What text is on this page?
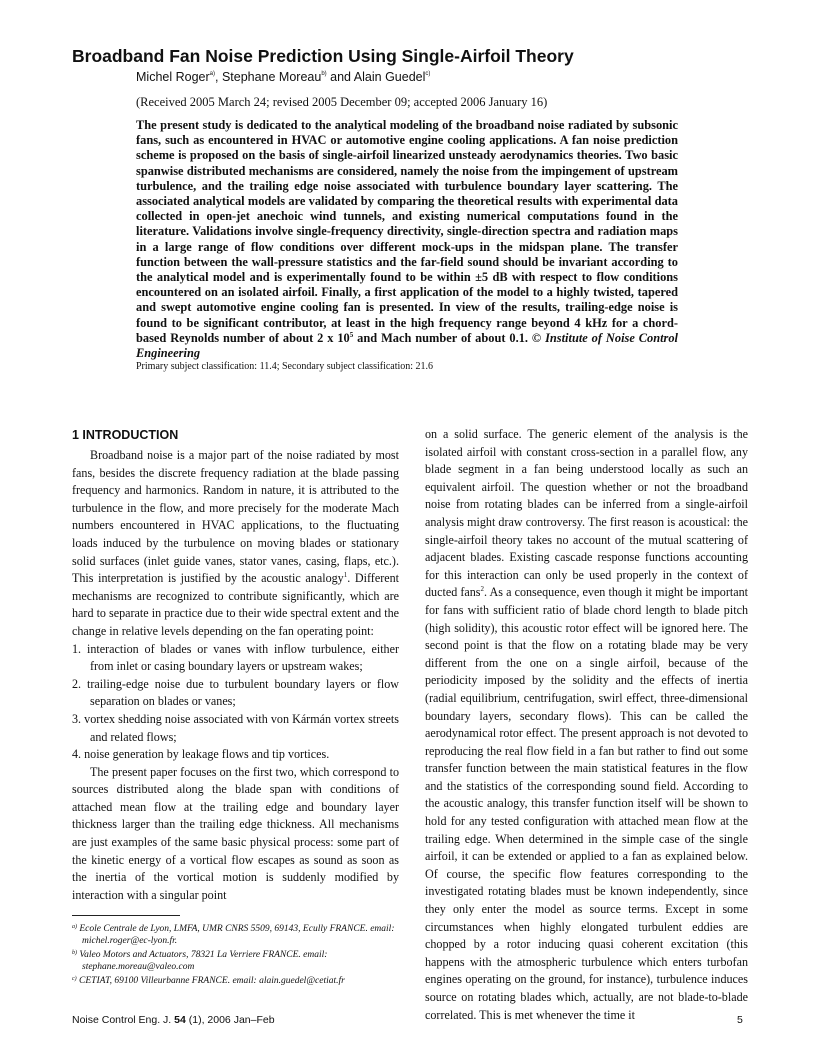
Broadband Fan Noise Prediction Using Single-Airfoil Theory
Michel Roger$^{a)}$, Stephane Moreau$^{b)}$ and Alain Guedel$^{c)}$
(Received 2005 March 24; revised 2005 December 09; accepted 2006 January 16)
The present study is dedicated to the analytical modeling of the broadband noise radiated by subsonic fans, such as encountered in HVAC or automotive engine cooling applications. A fan noise prediction scheme is proposed on the basis of single-airfoil linearized unsteady aerodynamics theories. Two basic spanwise distributed mechanisms are considered, namely the noise from the impingement of upstream turbulence, and the trailing edge noise associated with turbulence boundary layer scattering. The associated analytical models are validated by comparing the theoretical results with experimental data collected in open-jet anechoic wind tunnels, and existing numerical computations found in the literature. Validations involve single-frequency directivity, single-direction spectra and radiation maps in a large range of flow conditions over different mock-ups in the midspan plane. The transfer function between the wall-pressure statistics and the far-field sound should be invariant according to the analytical model and is experimentally found to be within ±5 dB with respect to flow conditions encountered on an isolated airfoil. Finally, a first application of the model to a highly twisted, tapered and swept automotive engine cooling fan is presented. In view of the results, trailing-edge noise is found to be significant contributor, at least in the high frequency range beyond 4 kHz for a chord-based Reynolds number of about 2 x $10^5$ and Mach number of about 0.1. © Institute of Noise Control Engineering
Primary subject classification: 11.4; Secondary subject classification: 21.6
1 INTRODUCTION

Broadband noise is a major part of the noise radiated by most fans, besides the discrete frequency radiation at the blade passing frequency and harmonics. Random in nature, it is attributed to the turbulence in the flow, and more precisely for the moderate Mach numbers encountered in HVAC applications, to the fluctuating loads induced by the turbulence on moving blades or stationary solid surfaces (inlet guide vanes, stator vanes, casing, flaps, etc.). This interpretation is justified by the acoustic analogy$^1$. Different mechanisms are recognized to contribute significantly, which are hard to separate in practice due to their wide spectral extent and the change in relative levels depending on the fan operating point:

1. interaction of blades or vanes with inflow turbulence, either from inlet or casing boundary layers or upstream wakes;

2. trailing-edge noise due to turbulent boundary layers or flow separation on blades or vanes;

3. vortex shedding noise associated with von Kármán vortex streets and related flows;

4. noise generation by leakage flows and tip vortices.

The present paper focuses on the first two, which correspond to sources distributed along the blade span with conditions of attached mean flow at the trailing edge and boundary layer thickness larger than the trailing edge thickness. All mechanisms are just examples of the same basic physical process: some part of the kinetic energy of a vortical flow escapes as sound as soon as the inertia of the vortical motion is suddenly modified by interaction with a singular point

on a solid surface. The generic element of the analysis is the isolated airfoil with constant cross-section in a parallel flow, any blade segment in a fan being understood locally as such an equivalent airfoil. The question whether or not the broadband noise from rotating blades can be inferred from a single-airfoil analysis might draw controversy. The first reason is acoustical: the single-airfoil theory takes no account of the mutual scattering of adjacent blades. Existing cascade response functions accounting for this interaction can only be used properly in the context of ducted fans$^2$. As a consequence, even though it might be important for fans with sufficient ratio of blade chord length to blade pitch (high solidity), this acoustic rotor effect will be ignored here. The second point is that the flow on a rotating blade may be very different from the one on a single airfoil, because of the periodicity imposed by the solidity and the effects of inertia (radial equilibrium, centrifugation, swirl effect, three-dimensional boundary layers, secondary flows). This can be called the aerodynamical rotor effect. The present approach is not devoted to reproducing the real flow field in a fan but rather to find out some transfer function between the main statistical features in the flow and the statistics of the corresponding sound field. According to the acoustic analogy, this transfer function itself will be shown to hold for any tested configuration with attached mean flow at the trailing edge. When determined in the simple case of the single airfoil, it can be extended or applied to a fan as explained below. Of course, the specific flow features corresponding to the investigated rotating blades must be known independently, since they only enter the model as source terms. Except in some circumstances when highly elongated turbulent eddies are chopped by a rotor inducing quasi coherent excitation (this happens with the atmospheric turbulence which enters turbofan engines operating on the ground, for instance), turbulence induces source on rotating blades which, actually, are not blade-to-blade correlated. This is met whenever the time it

$^{a)}$ Ecole Centrale de Lyon, LMFA, UMR CNRS 5509, 69143, Ecully FRANCE. email: michel.roger@ec-lyon.fr.
$^{b)}$ Valeo Motors and Actuators, 78321 La Verriere FRANCE. email: stephane.moreau@valeo.com
$^{c)}$ CETIAT, 69100 Villeurbanne FRANCE. email: alain.guedel@cetiat.fr
Noise Control Eng. J. 54 (1), 2006 Jan–Feb	5
